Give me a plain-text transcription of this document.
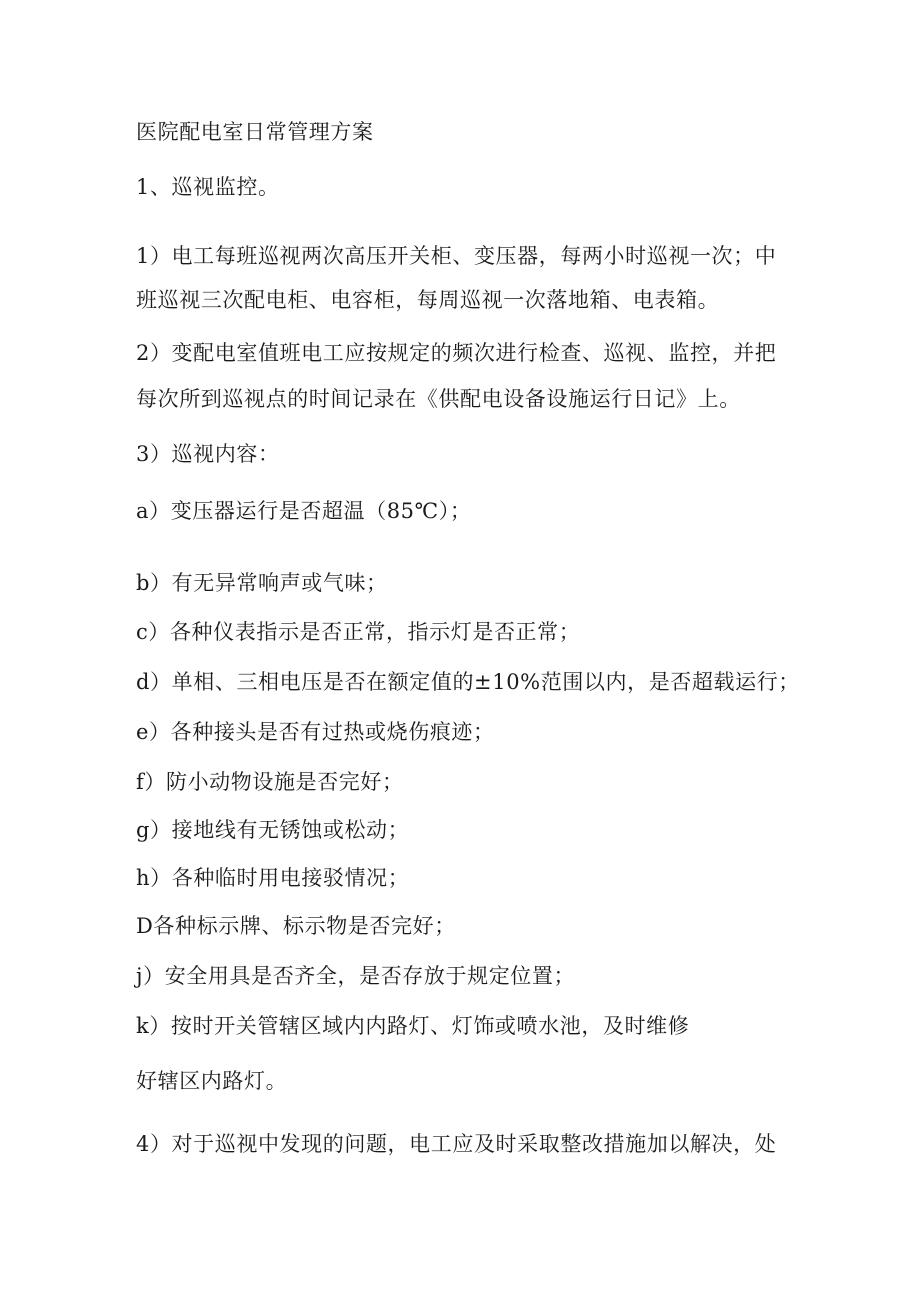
医院配电室日常管理方案

1、巡视监控。

1）电工每班巡视两次高压开关柜、变压器，每两小时巡视一次；中

班巡视三次配电柜、电容柜，每周巡视一次落地箱、电表箱。

2）变配电室值班电工应按规定的频次进行检查、巡视、监控，并把

每次所到巡视点的时间记录在《供配电设备设施运行日记》上。

3）巡视内容：

a）变压器运行是否超温（85℃）；

b）有无异常响声或气味；

c）各种仪表指示是否正常，指示灯是否正常；

d）单相、三相电压是否在额定值的±10%范围以内，是否超载运行；

e）各种接头是否有过热或烧伤痕迹；

f）防小动物设施是否完好；

g）接地线有无锈蚀或松动；

h）各种临时用电接驳情况；

D各种标示牌、标示物是否完好；

j）安全用具是否齐全，是否存放于规定位置；

k）按时开关管辖区域内内路灯、灯饰或喷水池，及时维修

好辖区内路灯。

4）对于巡视中发现的问题，电工应及时采取整改措施加以解决，处
